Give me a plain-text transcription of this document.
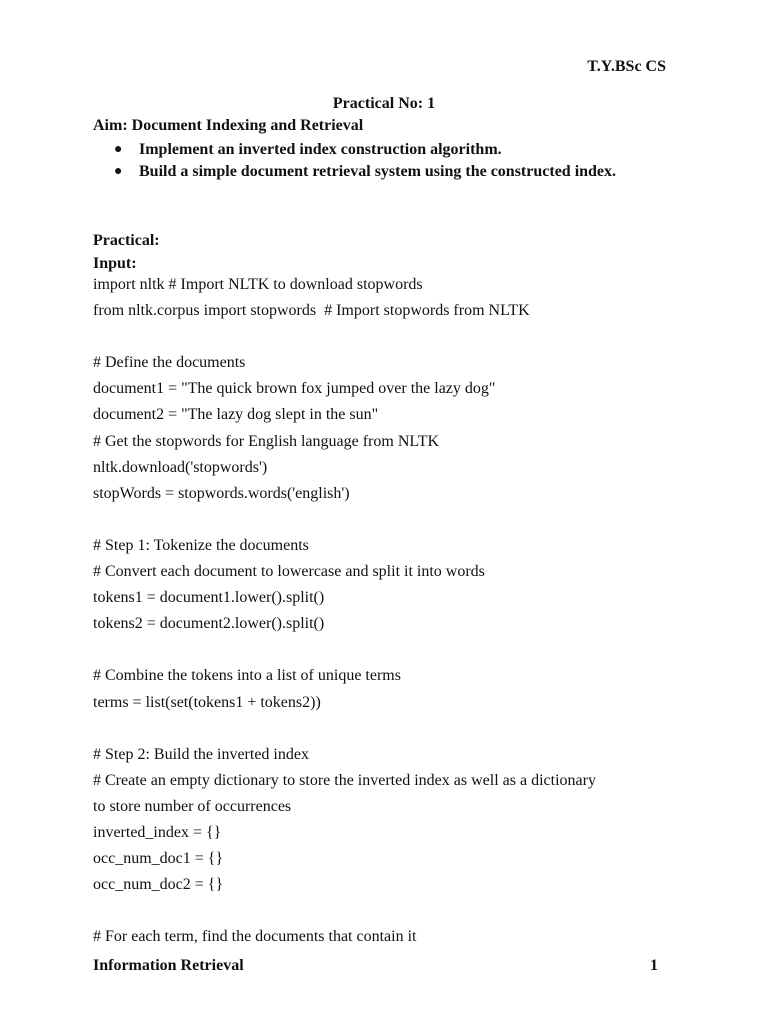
T.Y.BSc CS
Practical No: 1
Aim: Document Indexing and Retrieval
● Implement an inverted index construction algorithm.
● Build a simple document retrieval system using the constructed index.
Practical:
Input:
import nltk # Import NLTK to download stopwords
from nltk.corpus import stopwords  # Import stopwords from NLTK
# Define the documents
document1 = "The quick brown fox jumped over the lazy dog"
document2 = "The lazy dog slept in the sun"
# Get the stopwords for English language from NLTK
nltk.download('stopwords')
stopWords = stopwords.words('english')
# Step 1: Tokenize the documents
# Convert each document to lowercase and split it into words
tokens1 = document1.lower().split()
tokens2 = document2.lower().split()
# Combine the tokens into a list of unique terms
terms = list(set(tokens1 + tokens2))
# Step 2: Build the inverted index
# Create an empty dictionary to store the inverted index as well as a dictionary
to store number of occurrences
inverted_index = {}
occ_num_doc1 = {}
occ_num_doc2 = {}
# For each term, find the documents that contain it
Information Retrieval	1
